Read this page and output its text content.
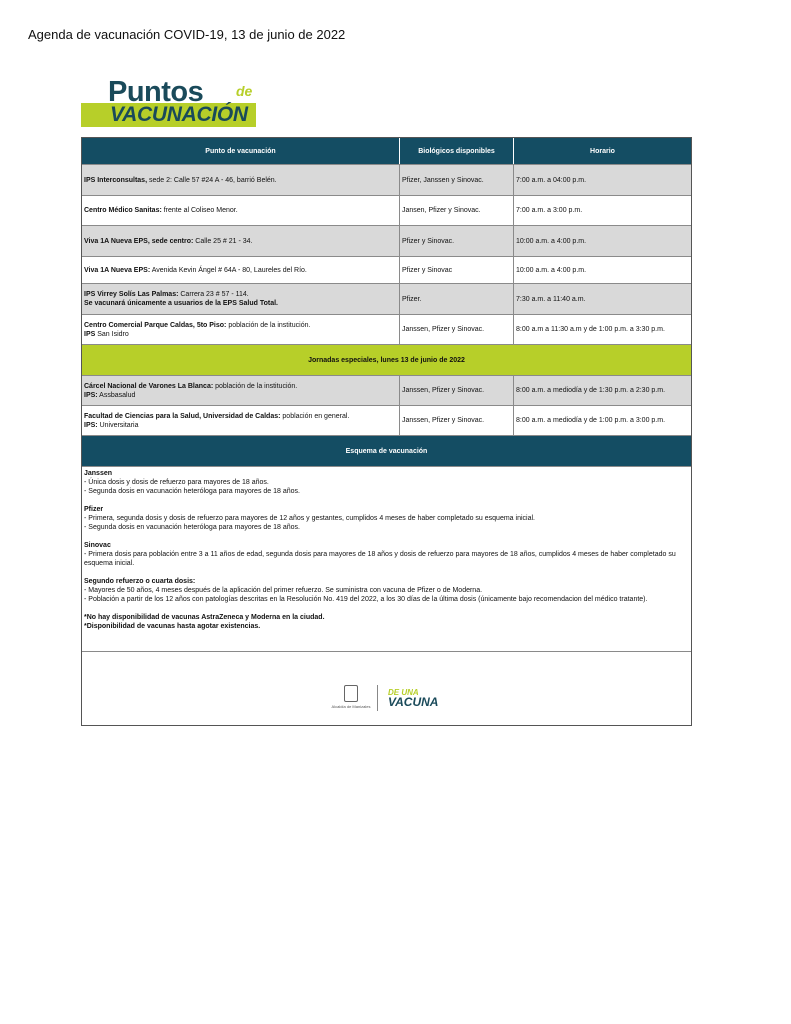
Agenda de vacunación COVID-19, 13 de junio de 2022
Puntos de
VACUNACIÓN
Punto de vacunación	Biológicos disponibles	Horario
IPS Interconsultas, sede 2: Calle 57 #24 A - 46, barrió Belén.	Pfizer, Janssen y Sinovac.	7:00 a.m. a 04:00 p.m.
Centro Médico Sanitas: frente al Coliseo Menor.	Jansen, Pfizer y Sinovac.	7:00 a.m. a 3:00 p.m.
Viva 1A Nueva EPS, sede centro: Calle 25 # 21 - 34.	Pfizer y Sinovac.	10:00 a.m. a 4:00 p.m.
Viva 1A Nueva EPS: Avenida Kevin Ángel # 64A - 80, Laureles del Río.	Pfizer y Sinovac	10:00 a.m. a 4:00 p.m.
IPS Virrey Solís Las Palmas: Carrera 23 # 57 - 114.
Se vacunará únicamente a usuarios de la EPS Salud Total.
Pfizer.	7:30 a.m. a 11:40 a.m.
Centro Comercial Parque Caldas, 5to Piso: población de la institución.
IPS San Isidro
Janssen, Pfizer y Sinovac.	8:00 a.m a 11:30 a.m y de 1:00 p.m. a 3:30 p.m.
Jornadas especiales, lunes 13 de junio de 2022
Cárcel Nacional de Varones La Blanca: población de la institución.
IPS: Assbasalud
Janssen, Pfizer y Sinovac.	8:00 a.m. a mediodía y de 1:30 p.m. a 2:30 p.m.
Facultad de Ciencias para la Salud, Universidad de Caldas: población en general.
IPS: Universitaria
Janssen, Pfizer y Sinovac.	8:00 a.m. a mediodía y de 1:00 p.m. a 3:00 p.m.
Esquema de vacunación

Janssen

- Única dosis y dosis de refuerzo para mayores de 18 años.

- Segunda dosis en vacunación heteróloga para mayores de 18 años.

Pfizer

- Primera, segunda dosis y dosis de refuerzo para mayores de 12 años y gestantes, cumplidos 4 meses de haber completado su esquema inicial.

- Segunda dosis en vacunación heteróloga para mayores de 18 años.

Sinovac

- Primera dosis para población entre 3 a 11 años de edad, segunda dosis para mayores de 18 años y dosis de refuerzo para mayores de 18 años, cumplidos 4 meses de haber completado su esquema inicial.

Segundo refuerzo o cuarta dosis:

- Mayores de 50 años, 4 meses después de la aplicación del primer refuerzo. Se suministra con vacuna de Pfizer o de Moderna.

- Población a partir de los 12 años con patologías descritas en la Resolución No. 419 del 2022, a los 30 días de la última dosis (únicamente bajo recomendacion del médico tratante).

*No hay disponibilidad de vacunas AstraZeneca y Moderna en la ciudad.

*Disponibilidad de vacunas hasta agotar existencias.

Alcaldía de Manizales
DE UNA
VACUNA
